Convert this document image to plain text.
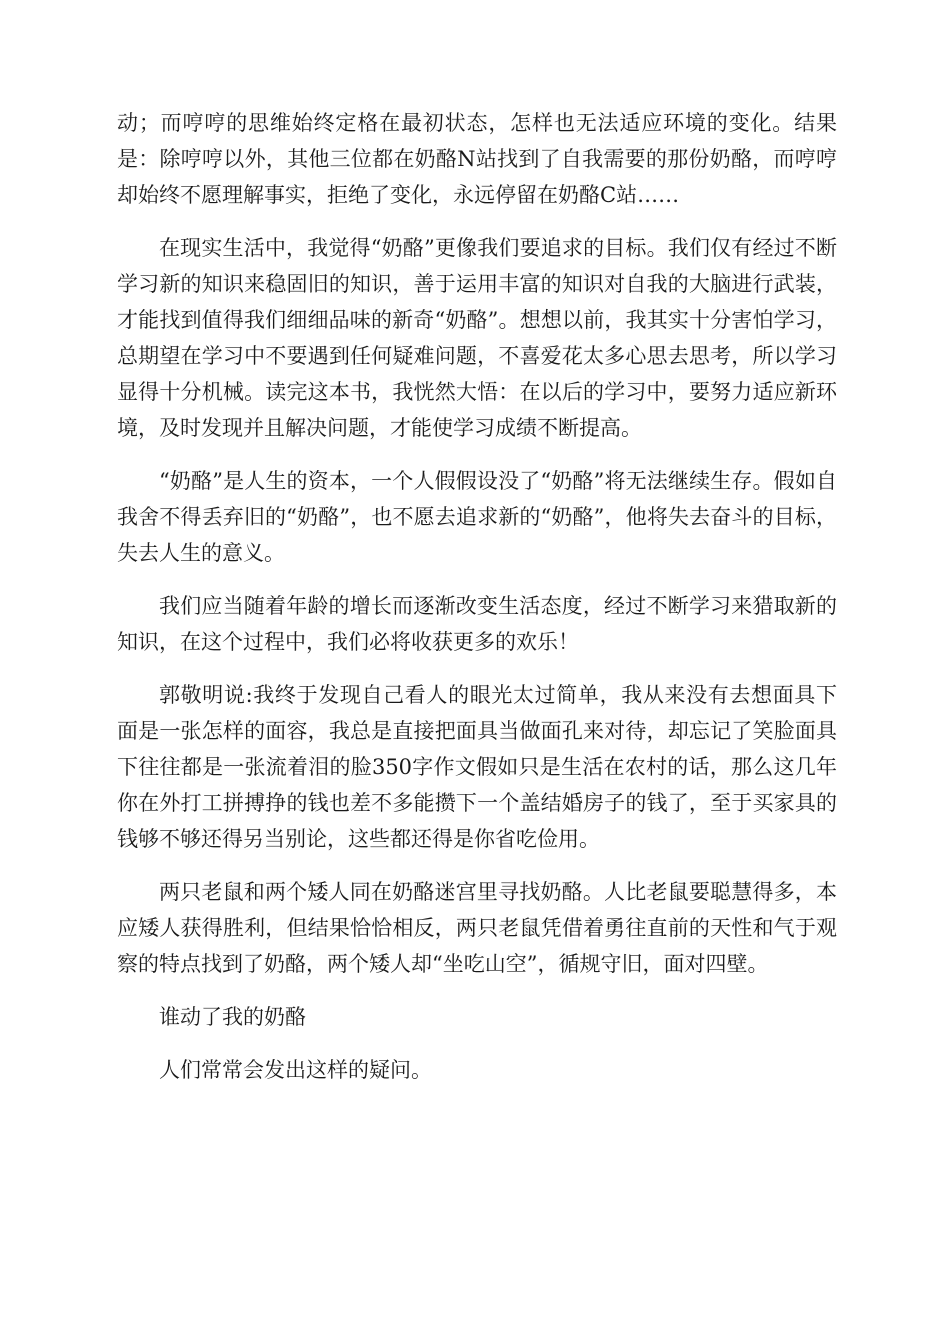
动；而哼哼的思维始终定格在最初状态，怎样也无法适应环境的变化。结果是：除哼哼以外，其他三位都在奶酪N站找到了自我需要的那份奶酪，而哼哼却始终不愿理解事实，拒绝了变化，永远停留在奶酪C站……

在现实生活中，我觉得“奶酪”更像我们要追求的目标。我们仅有经过不断学习新的知识来稳固旧的知识，善于运用丰富的知识对自我的大脑进行武装，才能找到值得我们细细品味的新奇“奶酪”。想想以前，我其实十分害怕学习，总期望在学习中不要遇到任何疑难问题，不喜爱花太多心思去思考，所以学习显得十分机械。读完这本书，我恍然大悟：在以后的学习中，要努力适应新环境，及时发现并且解决问题，才能使学习成绩不断提高。

“奶酪”是人生的资本，一个人假假设没了“奶酪”将无法继续生存。假如自我舍不得丢弃旧的“奶酪”，也不愿去追求新的“奶酪”，他将失去奋斗的目标，失去人生的意义。

我们应当随着年龄的增长而逐渐改变生活态度，经过不断学习来猎取新的知识，在这个过程中，我们必将收获更多的欢乐！

郭敬明说:我终于发现自己看人的眼光太过简单，我从来没有去想面具下面是一张怎样的面容，我总是直接把面具当做面孔来对待，却忘记了笑脸面具下往往都是一张流着泪的脸350字作文假如只是生活在农村的话，那么这几年你在外打工拼搏挣的钱也差不多能攒下一个盖结婚房子的钱了，至于买家具的钱够不够还得另当别论，这些都还得是你省吃俭用。

两只老鼠和两个矮人同在奶酪迷宫里寻找奶酪。人比老鼠要聪慧得多，本应矮人获得胜利，但结果恰恰相反，两只老鼠凭借着勇往直前的天性和气于观察的特点找到了奶酪，两个矮人却“坐吃山空”，循规守旧，面对四壁。

谁动了我的奶酪

人们常常会发出这样的疑问。
